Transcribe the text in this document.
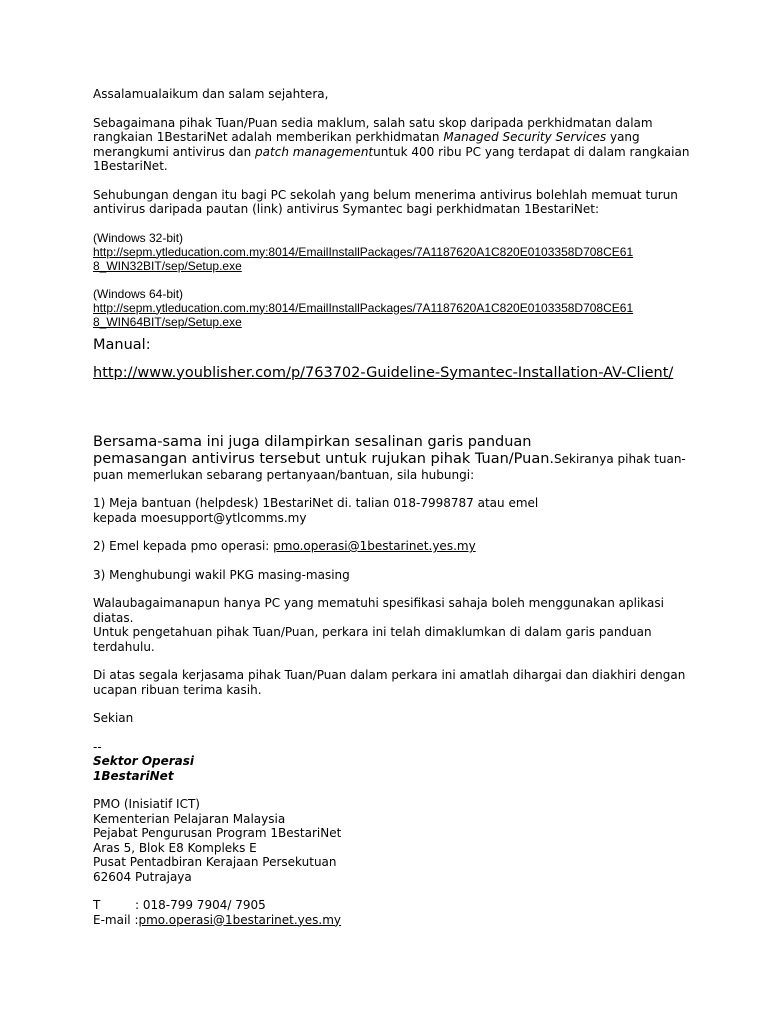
Assalamualaikum dan salam sejahtera,

Sebagaimana pihak Tuan/Puan sedia maklum, salah satu skop daripada perkhidmatan dalam

rangkaian 1BestariNet adalah memberikan perkhidmatan Managed Security Services yang

merangkumi antivirus dan patch managementuntuk 400 ribu PC yang terdapat di dalam rangkaian

1BestariNet.

Sehubungan dengan itu bagi PC sekolah yang belum menerima antivirus bolehlah memuat turun

antivirus daripada pautan (link) antivirus Symantec bagi perkhidmatan 1BestariNet:

(Windows 32-bit)

http://sepm.ytleducation.com.my:8014/EmailInstallPackages/7A1187620A1C820E0103358D708CE61
8_WIN32BIT/sep/Setup.exe

(Windows 64-bit)

http://sepm.ytleducation.com.my:8014/EmailInstallPackages/7A1187620A1C820E0103358D708CE61
8_WIN64BIT/sep/Setup.exe

Manual:

http://www.youblisher.com/p/763702-Guideline-Symantec-Installation-AV-Client/

Bersama-sama ini juga dilampirkan sesalinan garis panduan

pemasangan antivirus tersebut untuk rujukan pihak Tuan/Puan.Sekiranya pihak tuan-

puan memerlukan sebarang pertanyaan/bantuan, sila hubungi:

1) Meja bantuan (helpdesk) 1BestariNet di. talian 018-7998787 atau emel

kepada moesupport@ytlcomms.my

2) Emel kepada pmo operasi: pmo.operasi@1bestarinet.yes.my

3) Menghubungi wakil PKG masing-masing

Walaubagaimanapun hanya PC yang mematuhi spesifikasi sahaja boleh menggunakan aplikasi diatas.

Untuk pengetahuan pihak Tuan/Puan, perkara ini telah dimaklumkan di dalam garis panduan

terdahulu.

Di atas segala kerjasama pihak Tuan/Puan dalam perkara ini amatlah dihargai dan diakhiri dengan

ucapan ribuan terima kasih.

Sekian

--

Sektor Operasi

1BestariNet

PMO (Inisiatif ICT)

Kementerian Pelajaran Malaysia

Pejabat Pengurusan Program 1BestariNet

Aras 5, Blok E8 Kompleks E

Pusat Pentadbiran Kerajaan Persekutuan

62604 Putrajaya

T	: 018-799 7904/ 7905

E-mail :pmo.operasi@1bestarinet.yes.my
